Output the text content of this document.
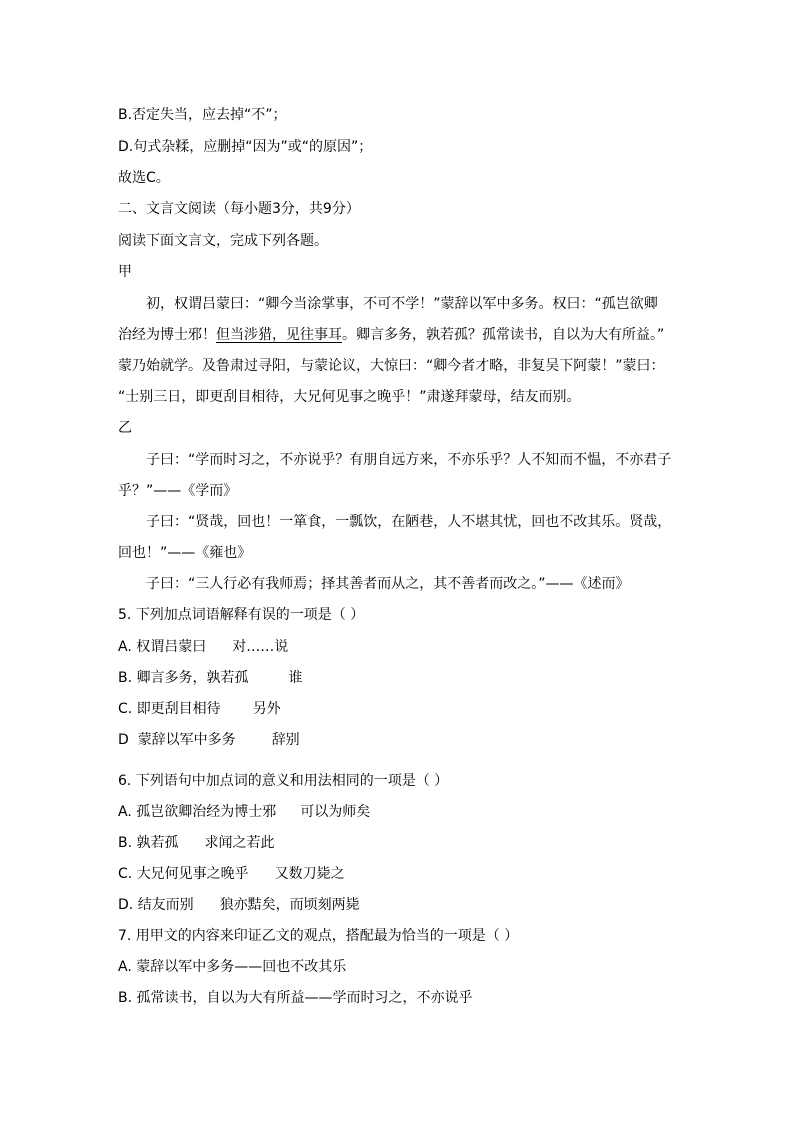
B.否定失当，应去掉“不”；
D.句式杂糅，应删掉“因为”或“的原因”；
故选C。
二、文言文阅读（每小题3分，共9分）
阅读下面文言文，完成下列各题。
甲
初，权谓吕蒙曰：“卿今当涂掌事，不可不学！”蒙辞以军中多务。权曰：“孤岂欲卿
治经为博士邪！但当涉猎，见往事耳。卿言多务，孰若孤？孤常读书，自以为大有所益。”
蒙乃始就学。及鲁肃过寻阳，与蒙论议，大惊曰：“卿今者才略，非复吴下阿蒙！”蒙曰：
“士别三日，即更刮目相待，大兄何见事之晚乎！”肃遂拜蒙母，结友而别。
乙
子曰：“学而时习之，不亦说乎？有朋自远方来，不亦乐乎？人不知而不愠，不亦君子
乎？”——《学而》
子曰：“贤哉，回也！一箪食，一瓢饮，在陋巷，人不堪其忧，回也不改其乐。贤哉，
回也！”——《雍也》
子曰：“三人行必有我师焉；择其善者而从之，其不善者而改之。”——《述而》
5. 下列加点词语解释有误的一项是（ ）
A. 权谓吕蒙曰 对……说
B. 卿言多务，孰若孤	谁
C. 即更刮目相待 另外
D 蒙辞以军中多务	辞别
6. 下列语句中加点词的意义和用法相同的一项是（ ）
A. 孤岂欲卿治经为博士邪 可以为师矣
B. 孰若孤 求闻之若此
C. 大兄何见事之晚乎 又数刀毙之
D. 结友而别 狼亦黠矣，而顷刻两毙
7. 用甲文的内容来印证乙文的观点，搭配最为恰当的一项是（ ）
A. 蒙辞以军中多务——回也不改其乐
B. 孤常读书，自以为大有所益——学而时习之，不亦说乎
